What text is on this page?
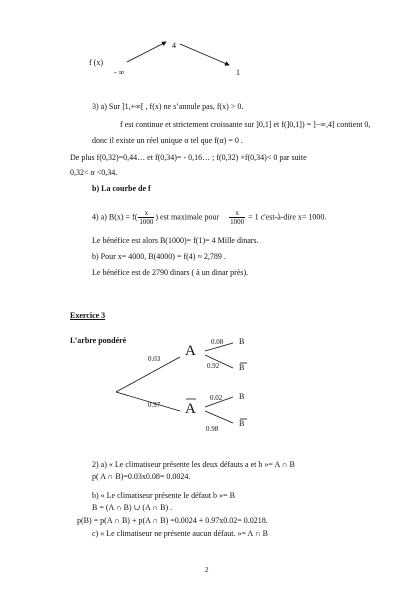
f (x)
4
- ∞	1
3) a) Sur ]1,+∞[ , f(x) ne s’annule pas, f(x) > 0.
f est continue et strictement croissante sur ]0,1] et f(]0,1]) = ]−∞,4] contient 0,
donc il existe un réel unique α tel que f(α) = 0 .
De plus f(0,32)=0,44… et f(0,34)= - 0,16… ; f(0,32) ×f(0,34)< 0 par suite
0,32< α <0,34.
b) La courbe de f
4) a) $B(x) = f( \frac{x}{1000}$ ) est maximale pour $\frac{x}{1000} = 1$ c'est-à-dire x= 1000.
Le bénéfice est alors B(1000)= f(1)= 4 Mille dinars.
b) Pour x= 4000, B(4000) = f(4) ≈ 2,789 .
Le bénéfice est de 2790 dinars ( à un dinar près).
Exercice 3
L’arbre pondéré
0.03
0.97
0.08
0.92
0.02
0.98
A
A
B
B
B
B
2) a) « Le climatiseur présente les deux défauts a et b »= A ∩ B
p( A ∩ B)=0.03x0.08= 0.0024.
b) « Le climatiseur présente le défaut b »= B
B = (A ∩ B) ∪ (A ∩ B) .
p(B) = p(A ∩ B) + p(A ∩ B) =0.0024 + 0.97x0.02= 0.0218.
c) « Le climatiseur ne présente aucun défaut. »= A ∩ B
2
